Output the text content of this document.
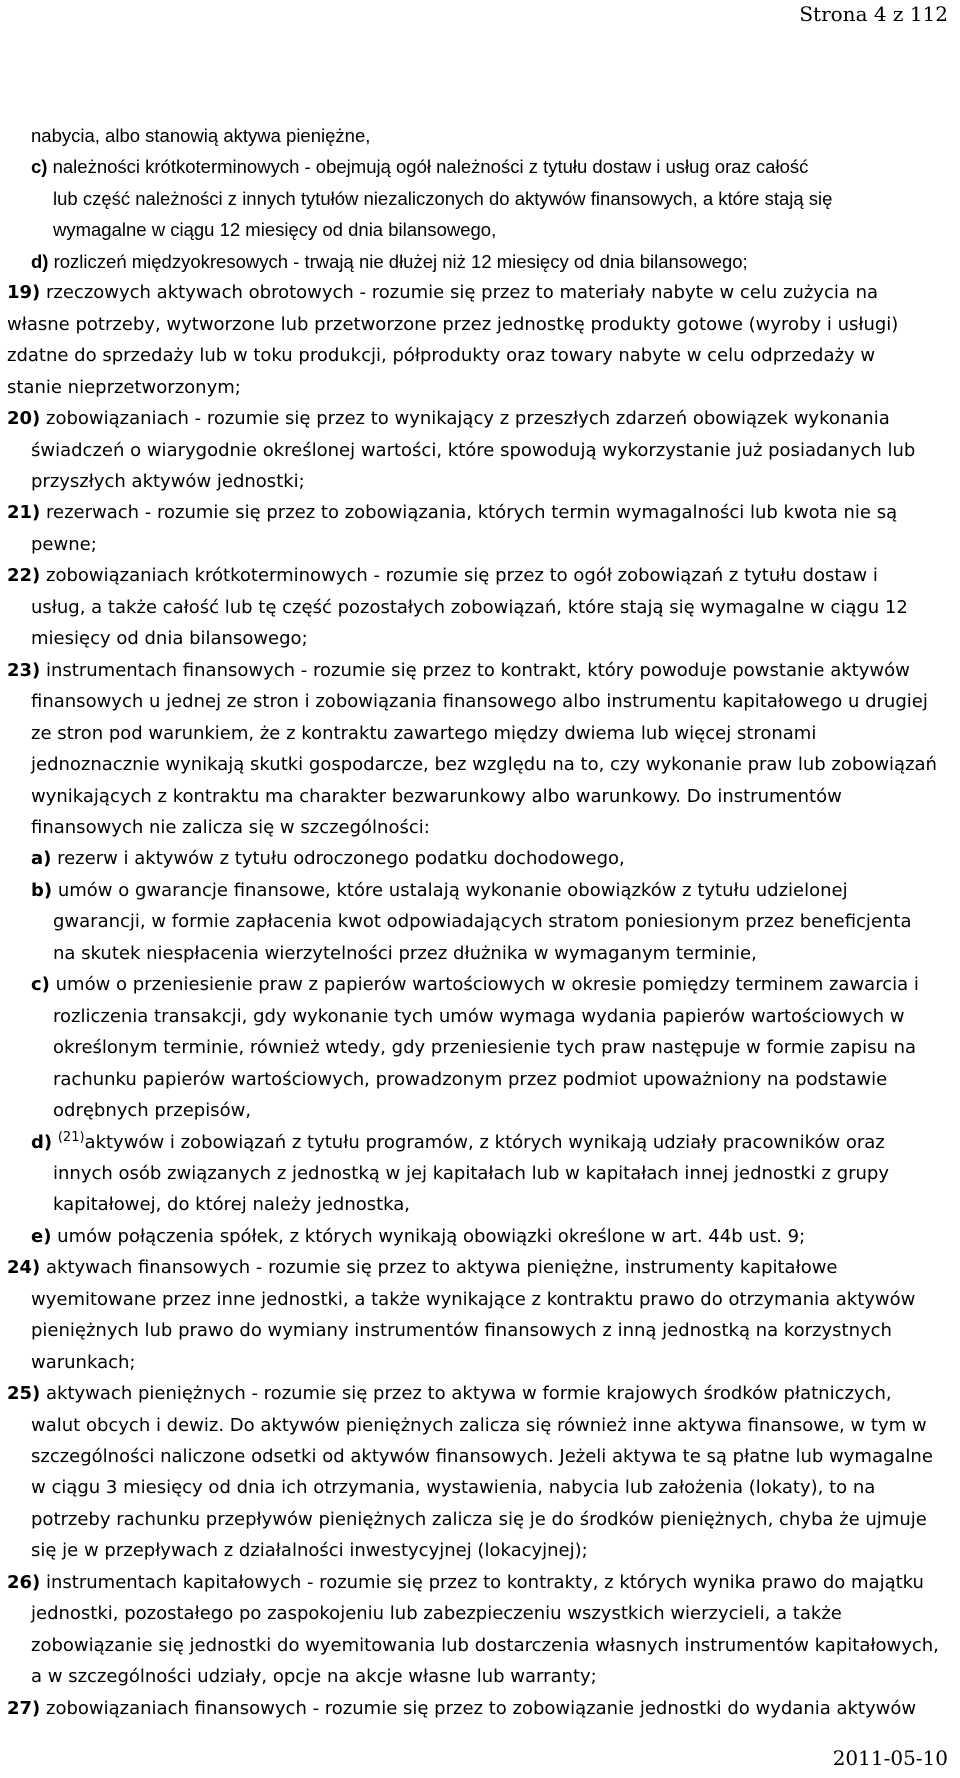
Strona 4 z 112
nabycia, albo stanowią aktywa pieniężne,
c) należności krótkoterminowych - obejmują ogół należności z tytułu dostaw i usług oraz całość
lub część należności z innych tytułów niezaliczonych do aktywów finansowych, a które stają się
wymagalne w ciągu 12 miesięcy od dnia bilansowego,
d) rozliczeń międzyokresowych - trwają nie dłużej niż 12 miesięcy od dnia bilansowego;
19) rzeczowych aktywach obrotowych - rozumie się przez to materiały nabyte w celu zużycia na
własne potrzeby, wytworzone lub przetworzone przez jednostkę produkty gotowe (wyroby i usługi)
zdatne do sprzedaży lub w toku produkcji, półprodukty oraz towary nabyte w celu odprzedaży w
stanie nieprzetworzonym;
20) zobowiązaniach - rozumie się przez to wynikający z przeszłych zdarzeń obowiązek wykonania
świadczeń o wiarygodnie określonej wartości, które spowodują wykorzystanie już posiadanych lub
przyszłych aktywów jednostki;
21) rezerwach - rozumie się przez to zobowiązania, których termin wymagalności lub kwota nie są
pewne;
22) zobowiązaniach krótkoterminowych - rozumie się przez to ogół zobowiązań z tytułu dostaw i
usług, a także całość lub tę część pozostałych zobowiązań, które stają się wymagalne w ciągu 12
miesięcy od dnia bilansowego;
23) instrumentach finansowych - rozumie się przez to kontrakt, który powoduje powstanie aktywów
finansowych u jednej ze stron i zobowiązania finansowego albo instrumentu kapitałowego u drugiej
ze stron pod warunkiem, że z kontraktu zawartego między dwiema lub więcej stronami
jednoznacznie wynikają skutki gospodarcze, bez względu na to, czy wykonanie praw lub zobowiązań
wynikających z kontraktu ma charakter bezwarunkowy albo warunkowy. Do instrumentów
finansowych nie zalicza się w szczególności:
a) rezerw i aktywów z tytułu odroczonego podatku dochodowego,
b) umów o gwarancje finansowe, które ustalają wykonanie obowiązków z tytułu udzielonej
gwarancji, w formie zapłacenia kwot odpowiadających stratom poniesionym przez beneficjenta
na skutek niespłacenia wierzytelności przez dłużnika w wymaganym terminie,
c) umów o przeniesienie praw z papierów wartościowych w okresie pomiędzy terminem zawarcia i
rozliczenia transakcji, gdy wykonanie tych umów wymaga wydania papierów wartościowych w
określonym terminie, również wtedy, gdy przeniesienie tych praw następuje w formie zapisu na
rachunku papierów wartościowych, prowadzonym przez podmiot upoważniony na podstawie
odrębnych przepisów,
d) $^{(21)}$aktywów i zobowiązań z tytułu programów, z których wynikają udziały pracowników oraz
innych osób związanych z jednostką w jej kapitałach lub w kapitałach innej jednostki z grupy
kapitałowej, do której należy jednostka,
e) umów połączenia spółek, z których wynikają obowiązki określone w art. 44b ust. 9;
24) aktywach finansowych - rozumie się przez to aktywa pieniężne, instrumenty kapitałowe
wyemitowane przez inne jednostki, a także wynikające z kontraktu prawo do otrzymania aktywów
pieniężnych lub prawo do wymiany instrumentów finansowych z inną jednostką na korzystnych
warunkach;
25) aktywach pieniężnych - rozumie się przez to aktywa w formie krajowych środków płatniczych,
walut obcych i dewiz. Do aktywów pieniężnych zalicza się również inne aktywa finansowe, w tym w
szczególności naliczone odsetki od aktywów finansowych. Jeżeli aktywa te są płatne lub wymagalne
w ciągu 3 miesięcy od dnia ich otrzymania, wystawienia, nabycia lub założenia (lokaty), to na
potrzeby rachunku przepływów pieniężnych zalicza się je do środków pieniężnych, chyba że ujmuje
się je w przepływach z działalności inwestycyjnej (lokacyjnej);
26) instrumentach kapitałowych - rozumie się przez to kontrakty, z których wynika prawo do majątku
jednostki, pozostałego po zaspokojeniu lub zabezpieczeniu wszystkich wierzycieli, a także
zobowiązanie się jednostki do wyemitowania lub dostarczenia własnych instrumentów kapitałowych,
a w szczególności udziały, opcje na akcje własne lub warranty;
27) zobowiązaniach finansowych - rozumie się przez to zobowiązanie jednostki do wydania aktywów
2011-05-10
